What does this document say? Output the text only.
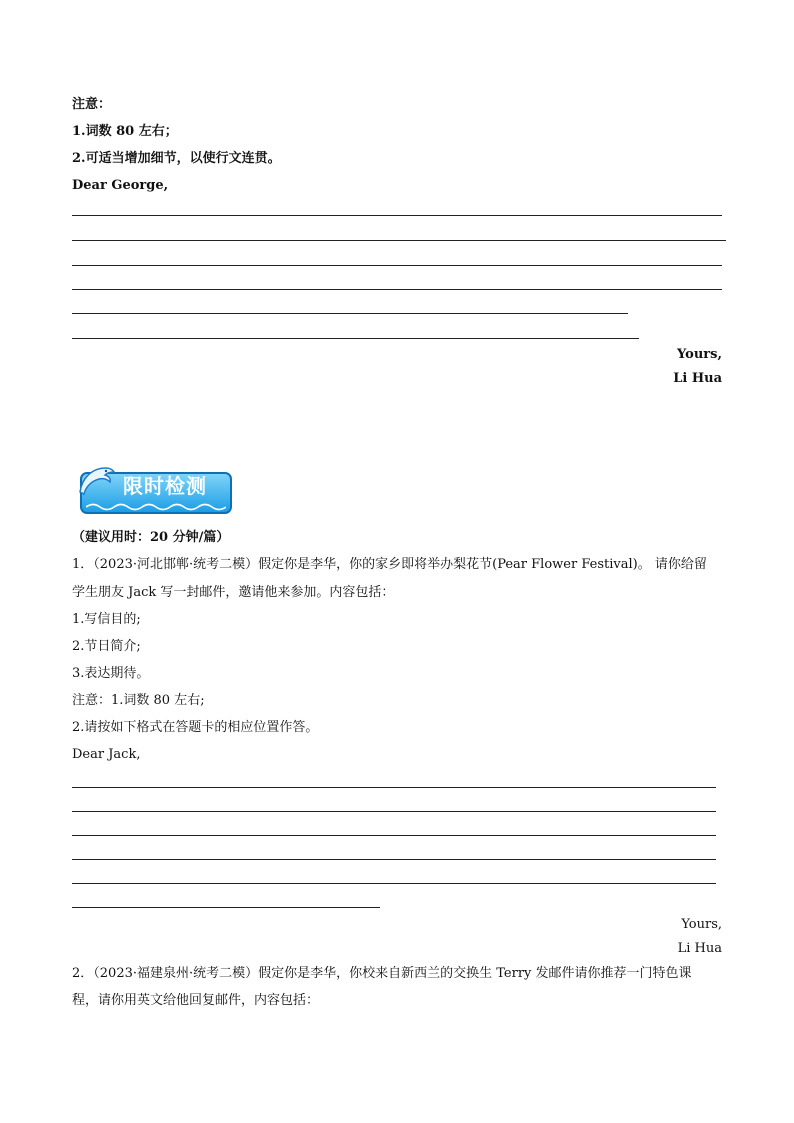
注意：
1.词数 80 左右；
2.可适当增加细节，以使行文连贯。
Dear George,
Yours,
Li Hua
限时检测
（建议用时：20 分钟/篇）
1．（2023·河北邯郸·统考二模）假定你是李华，你的家乡即将举办梨花节(Pear Flower Festival)。 请你给留
学生朋友 Jack 写一封邮件，邀请他来参加。内容包括：
1.写信目的;
2.节日简介;
3.表达期待。
注意：1.词数 80 左右;
2.请按如下格式在答题卡的相应位置作答。
Dear Jack,
Yours,
Li Hua
2．（2023·福建泉州·统考二模）假定你是李华，你校来自新西兰的交换生 Terry 发邮件请你推荐一门特色课
程，请你用英文给他回复邮件，内容包括：
